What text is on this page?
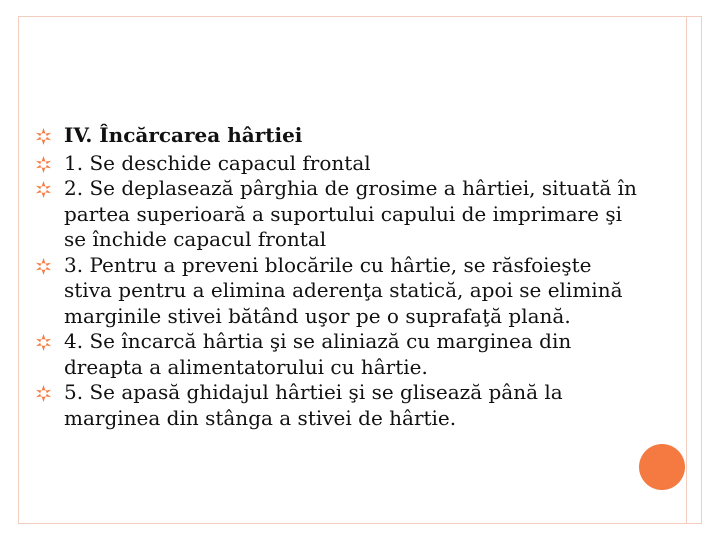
IV. Încărcarea hârtiei
1. Se deschide capacul frontal
2. Se deplasează pârghia de grosime a hârtiei, situată în partea superioară a suportului capului de imprimare şi se închide capacul frontal
3. Pentru a preveni blocările cu hârtie, se răsfoieşte stiva pentru a elimina aderenţa statică, apoi se elimină marginile stivei bătând uşor pe o suprafaţă plană.
4. Se încarcă hârtia şi se aliniază cu marginea din dreapta a alimentatorului cu hârtie.
5. Se apasă ghidajul hârtiei şi se glisează până la marginea din stânga a stivei de hârtie.
